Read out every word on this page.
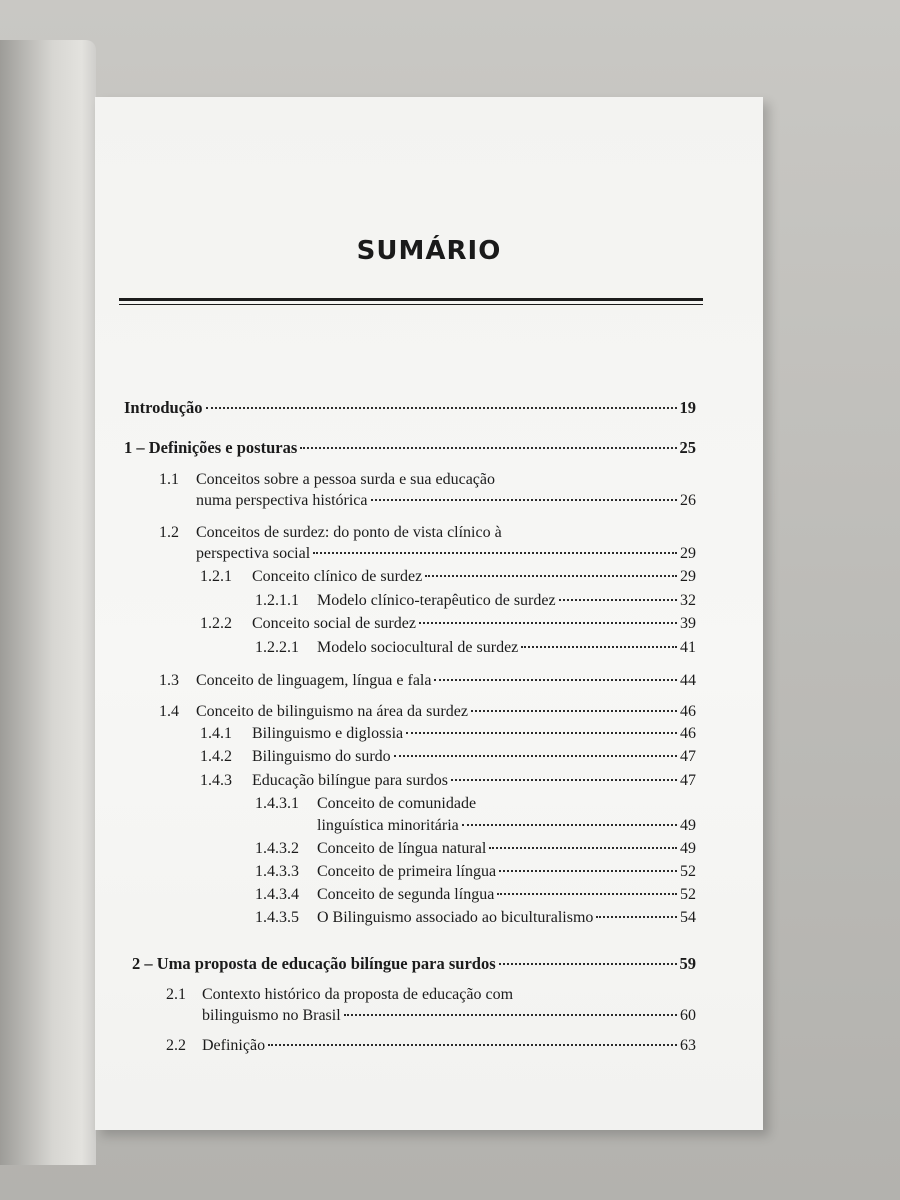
SUMÁRIO
Introdução	19
1 – Definições e posturas	25
1.1 Conceitos sobre a pessoa surda e sua educação
numa perspectiva histórica	26
1.2 Conceitos de surdez: do ponto de vista clínico à
perspectiva social	29
1.2.1	Conceito clínico de surdez	29
1.2.1.1	Modelo clínico-terapêutico de surdez	32
1.2.2	Conceito social de surdez	39
1.2.2.1	Modelo sociocultural de surdez	41
1.3	Conceito de linguagem, língua e fala	44
1.4	Conceito de bilinguismo na área da surdez	46
1.4.1	Bilinguismo e diglossia	46
1.4.2	Bilinguismo do surdo	47
1.4.3	Educação bilíngue para surdos	47
1.4.3.1 Conceito de comunidade
linguística minoritária	49
1.4.3.2	Conceito de língua natural	49
1.4.3.3	Conceito de primeira língua	52
1.4.3.4	Conceito de segunda língua	52
1.4.3.5	O Bilinguismo associado ao biculturalismo	54
2 – Uma proposta de educação bilíngue para surdos	59
2.1 Contexto histórico da proposta de educação com
bilinguismo no Brasil	60
2.2	Definição	63
